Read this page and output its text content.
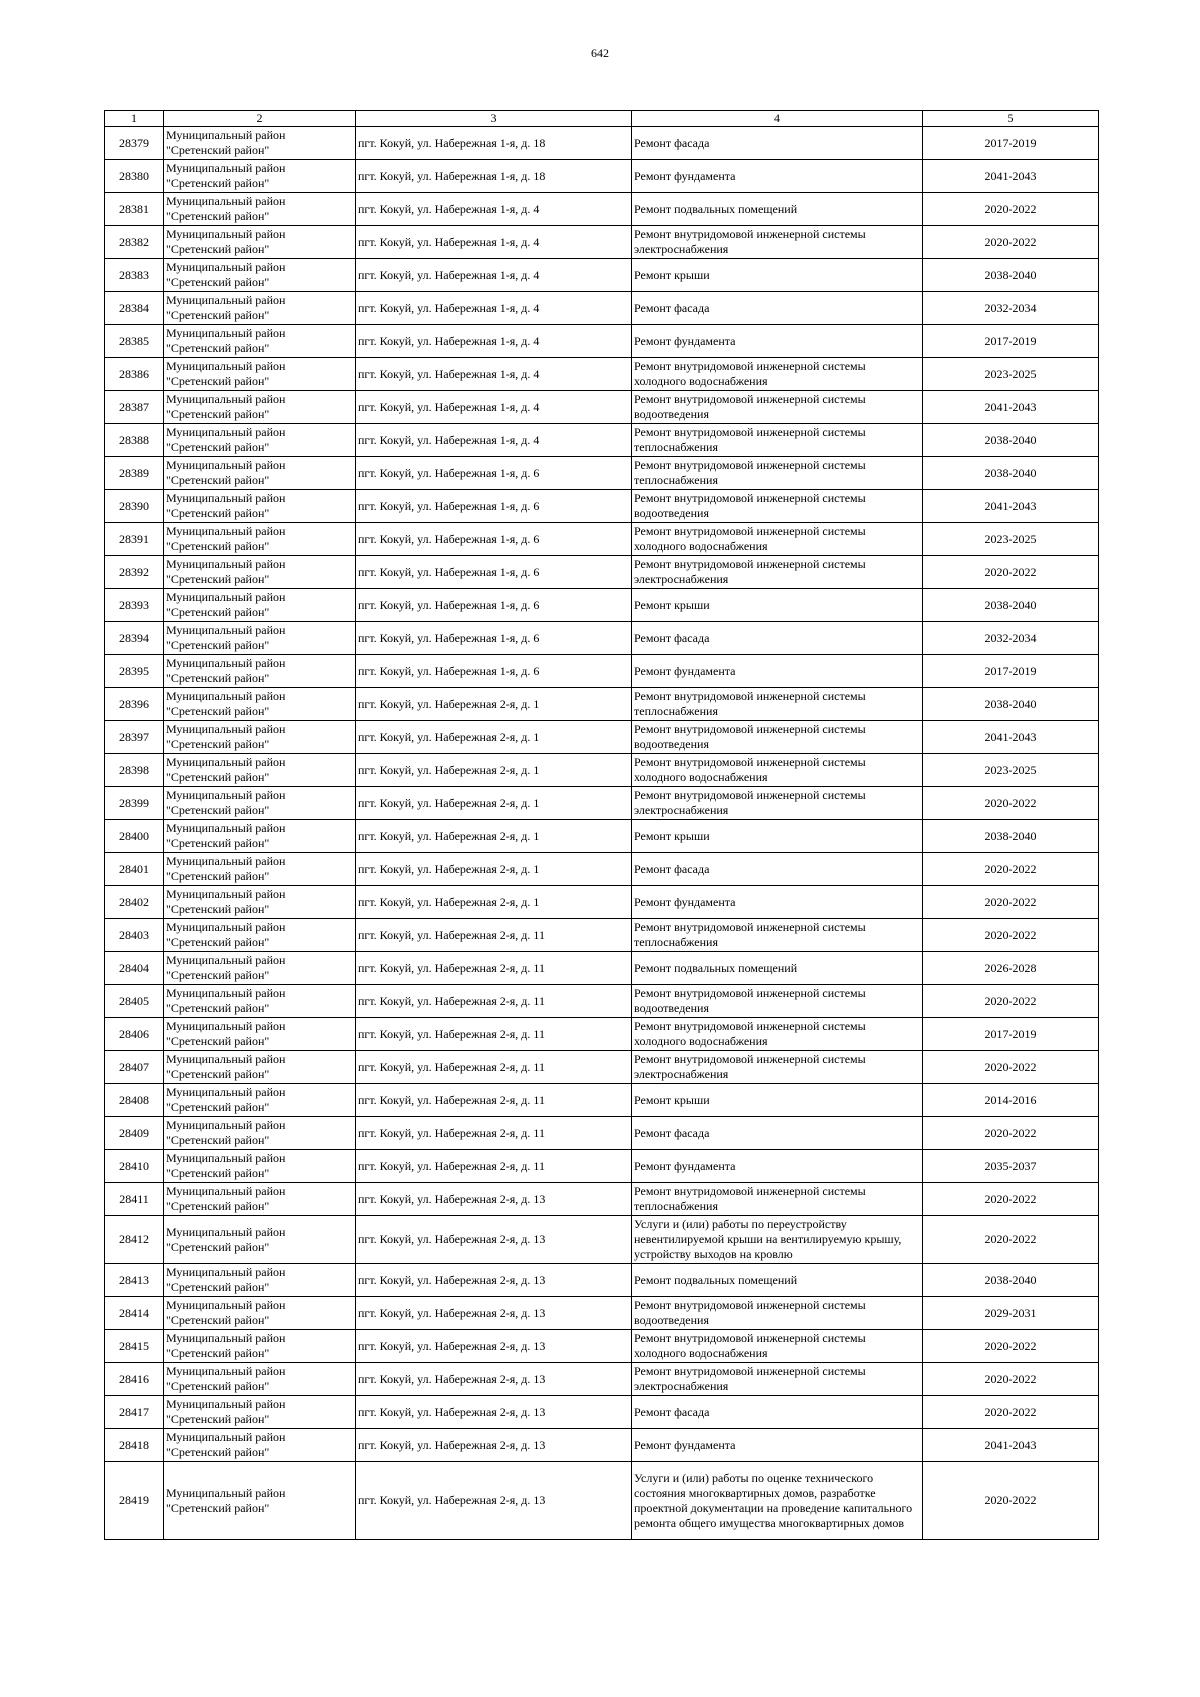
642
1	2	3	4	5
28379	Муниципальный район "Сретенский район"	пгт. Кокуй, ул. Набережная 1-я, д. 18	Ремонт фасада	2017-2019
28380	Муниципальный район "Сретенский район"	пгт. Кокуй, ул. Набережная 1-я, д. 18	Ремонт фундамента	2041-2043
28381	Муниципальный район "Сретенский район"	пгт. Кокуй, ул. Набережная 1-я, д. 4	Ремонт подвальных помещений	2020-2022
28382	Муниципальный район "Сретенский район"	пгт. Кокуй, ул. Набережная 1-я, д. 4	Ремонт внутридомовой инженерной системы электроснабжения	2020-2022
28383	Муниципальный район "Сретенский район"	пгт. Кокуй, ул. Набережная 1-я, д. 4	Ремонт крыши	2038-2040
28384	Муниципальный район "Сретенский район"	пгт. Кокуй, ул. Набережная 1-я, д. 4	Ремонт фасада	2032-2034
28385	Муниципальный район "Сретенский район"	пгт. Кокуй, ул. Набережная 1-я, д. 4	Ремонт фундамента	2017-2019
28386	Муниципальный район "Сретенский район"	пгт. Кокуй, ул. Набережная 1-я, д. 4	Ремонт внутридомовой инженерной системы холодного водоснабжения	2023-2025
28387	Муниципальный район "Сретенский район"	пгт. Кокуй, ул. Набережная 1-я, д. 4	Ремонт внутридомовой инженерной системы водоотведения	2041-2043
28388	Муниципальный район "Сретенский район"	пгт. Кокуй, ул. Набережная 1-я, д. 4	Ремонт внутридомовой инженерной системы теплоснабжения	2038-2040
28389	Муниципальный район "Сретенский район"	пгт. Кокуй, ул. Набережная 1-я, д. 6	Ремонт внутридомовой инженерной системы теплоснабжения	2038-2040
28390	Муниципальный район "Сретенский район"	пгт. Кокуй, ул. Набережная 1-я, д. 6	Ремонт внутридомовой инженерной системы водоотведения	2041-2043
28391	Муниципальный район "Сретенский район"	пгт. Кокуй, ул. Набережная 1-я, д. 6	Ремонт внутридомовой инженерной системы холодного водоснабжения	2023-2025
28392	Муниципальный район "Сретенский район"	пгт. Кокуй, ул. Набережная 1-я, д. 6	Ремонт внутридомовой инженерной системы электроснабжения	2020-2022
28393	Муниципальный район "Сретенский район"	пгт. Кокуй, ул. Набережная 1-я, д. 6	Ремонт крыши	2038-2040
28394	Муниципальный район "Сретенский район"	пгт. Кокуй, ул. Набережная 1-я, д. 6	Ремонт фасада	2032-2034
28395	Муниципальный район "Сретенский район"	пгт. Кокуй, ул. Набережная 1-я, д. 6	Ремонт фундамента	2017-2019
28396	Муниципальный район "Сретенский район"	пгт. Кокуй, ул. Набережная 2-я, д. 1	Ремонт внутридомовой инженерной системы теплоснабжения	2038-2040
28397	Муниципальный район "Сретенский район"	пгт. Кокуй, ул. Набережная 2-я, д. 1	Ремонт внутридомовой инженерной системы водоотведения	2041-2043
28398	Муниципальный район "Сретенский район"	пгт. Кокуй, ул. Набережная 2-я, д. 1	Ремонт внутридомовой инженерной системы холодного водоснабжения	2023-2025
28399	Муниципальный район "Сретенский район"	пгт. Кокуй, ул. Набережная 2-я, д. 1	Ремонт внутридомовой инженерной системы электроснабжения	2020-2022
28400	Муниципальный район "Сретенский район"	пгт. Кокуй, ул. Набережная 2-я, д. 1	Ремонт крыши	2038-2040
28401	Муниципальный район "Сретенский район"	пгт. Кокуй, ул. Набережная 2-я, д. 1	Ремонт фасада	2020-2022
28402	Муниципальный район "Сретенский район"	пгт. Кокуй, ул. Набережная 2-я, д. 1	Ремонт фундамента	2020-2022
28403	Муниципальный район "Сретенский район"	пгт. Кокуй, ул. Набережная 2-я, д. 11	Ремонт внутридомовой инженерной системы теплоснабжения	2020-2022
28404	Муниципальный район "Сретенский район"	пгт. Кокуй, ул. Набережная 2-я, д. 11	Ремонт подвальных помещений	2026-2028
28405	Муниципальный район "Сретенский район"	пгт. Кокуй, ул. Набережная 2-я, д. 11	Ремонт внутридомовой инженерной системы водоотведения	2020-2022
28406	Муниципальный район "Сретенский район"	пгт. Кокуй, ул. Набережная 2-я, д. 11	Ремонт внутридомовой инженерной системы холодного водоснабжения	2017-2019
28407	Муниципальный район "Сретенский район"	пгт. Кокуй, ул. Набережная 2-я, д. 11	Ремонт внутридомовой инженерной системы электроснабжения	2020-2022
28408	Муниципальный район "Сретенский район"	пгт. Кокуй, ул. Набережная 2-я, д. 11	Ремонт крыши	2014-2016
28409	Муниципальный район "Сретенский район"	пгт. Кокуй, ул. Набережная 2-я, д. 11	Ремонт фасада	2020-2022
28410	Муниципальный район "Сретенский район"	пгт. Кокуй, ул. Набережная 2-я, д. 11	Ремонт фундамента	2035-2037
28411	Муниципальный район "Сретенский район"	пгт. Кокуй, ул. Набережная 2-я, д. 13	Ремонт внутридомовой инженерной системы теплоснабжения	2020-2022
28412	Муниципальный район "Сретенский район"	пгт. Кокуй, ул. Набережная 2-я, д. 13	Услуги и (или) работы по переустройству невентилируемой крыши на вентилируемую крышу, устройству выходов на кровлю	2020-2022
28413	Муниципальный район "Сретенский район"	пгт. Кокуй, ул. Набережная 2-я, д. 13	Ремонт подвальных помещений	2038-2040
28414	Муниципальный район "Сретенский район"	пгт. Кокуй, ул. Набережная 2-я, д. 13	Ремонт внутридомовой инженерной системы водоотведения	2029-2031
28415	Муниципальный район "Сретенский район"	пгт. Кокуй, ул. Набережная 2-я, д. 13	Ремонт внутридомовой инженерной системы холодного водоснабжения	2020-2022
28416	Муниципальный район "Сретенский район"	пгт. Кокуй, ул. Набережная 2-я, д. 13	Ремонт внутридомовой инженерной системы электроснабжения	2020-2022
28417	Муниципальный район "Сретенский район"	пгт. Кокуй, ул. Набережная 2-я, д. 13	Ремонт фасада	2020-2022
28418	Муниципальный район "Сретенский район"	пгт. Кокуй, ул. Набережная 2-я, д. 13	Ремонт фундамента	2041-2043
28419	Муниципальный район "Сретенский район"	пгт. Кокуй, ул. Набережная 2-я, д. 13	Услуги и (или) работы по оценке технического состояния многоквартирных домов, разработке проектной документации на проведение капитального ремонта общего имущества многоквартирных домов	2020-2022
